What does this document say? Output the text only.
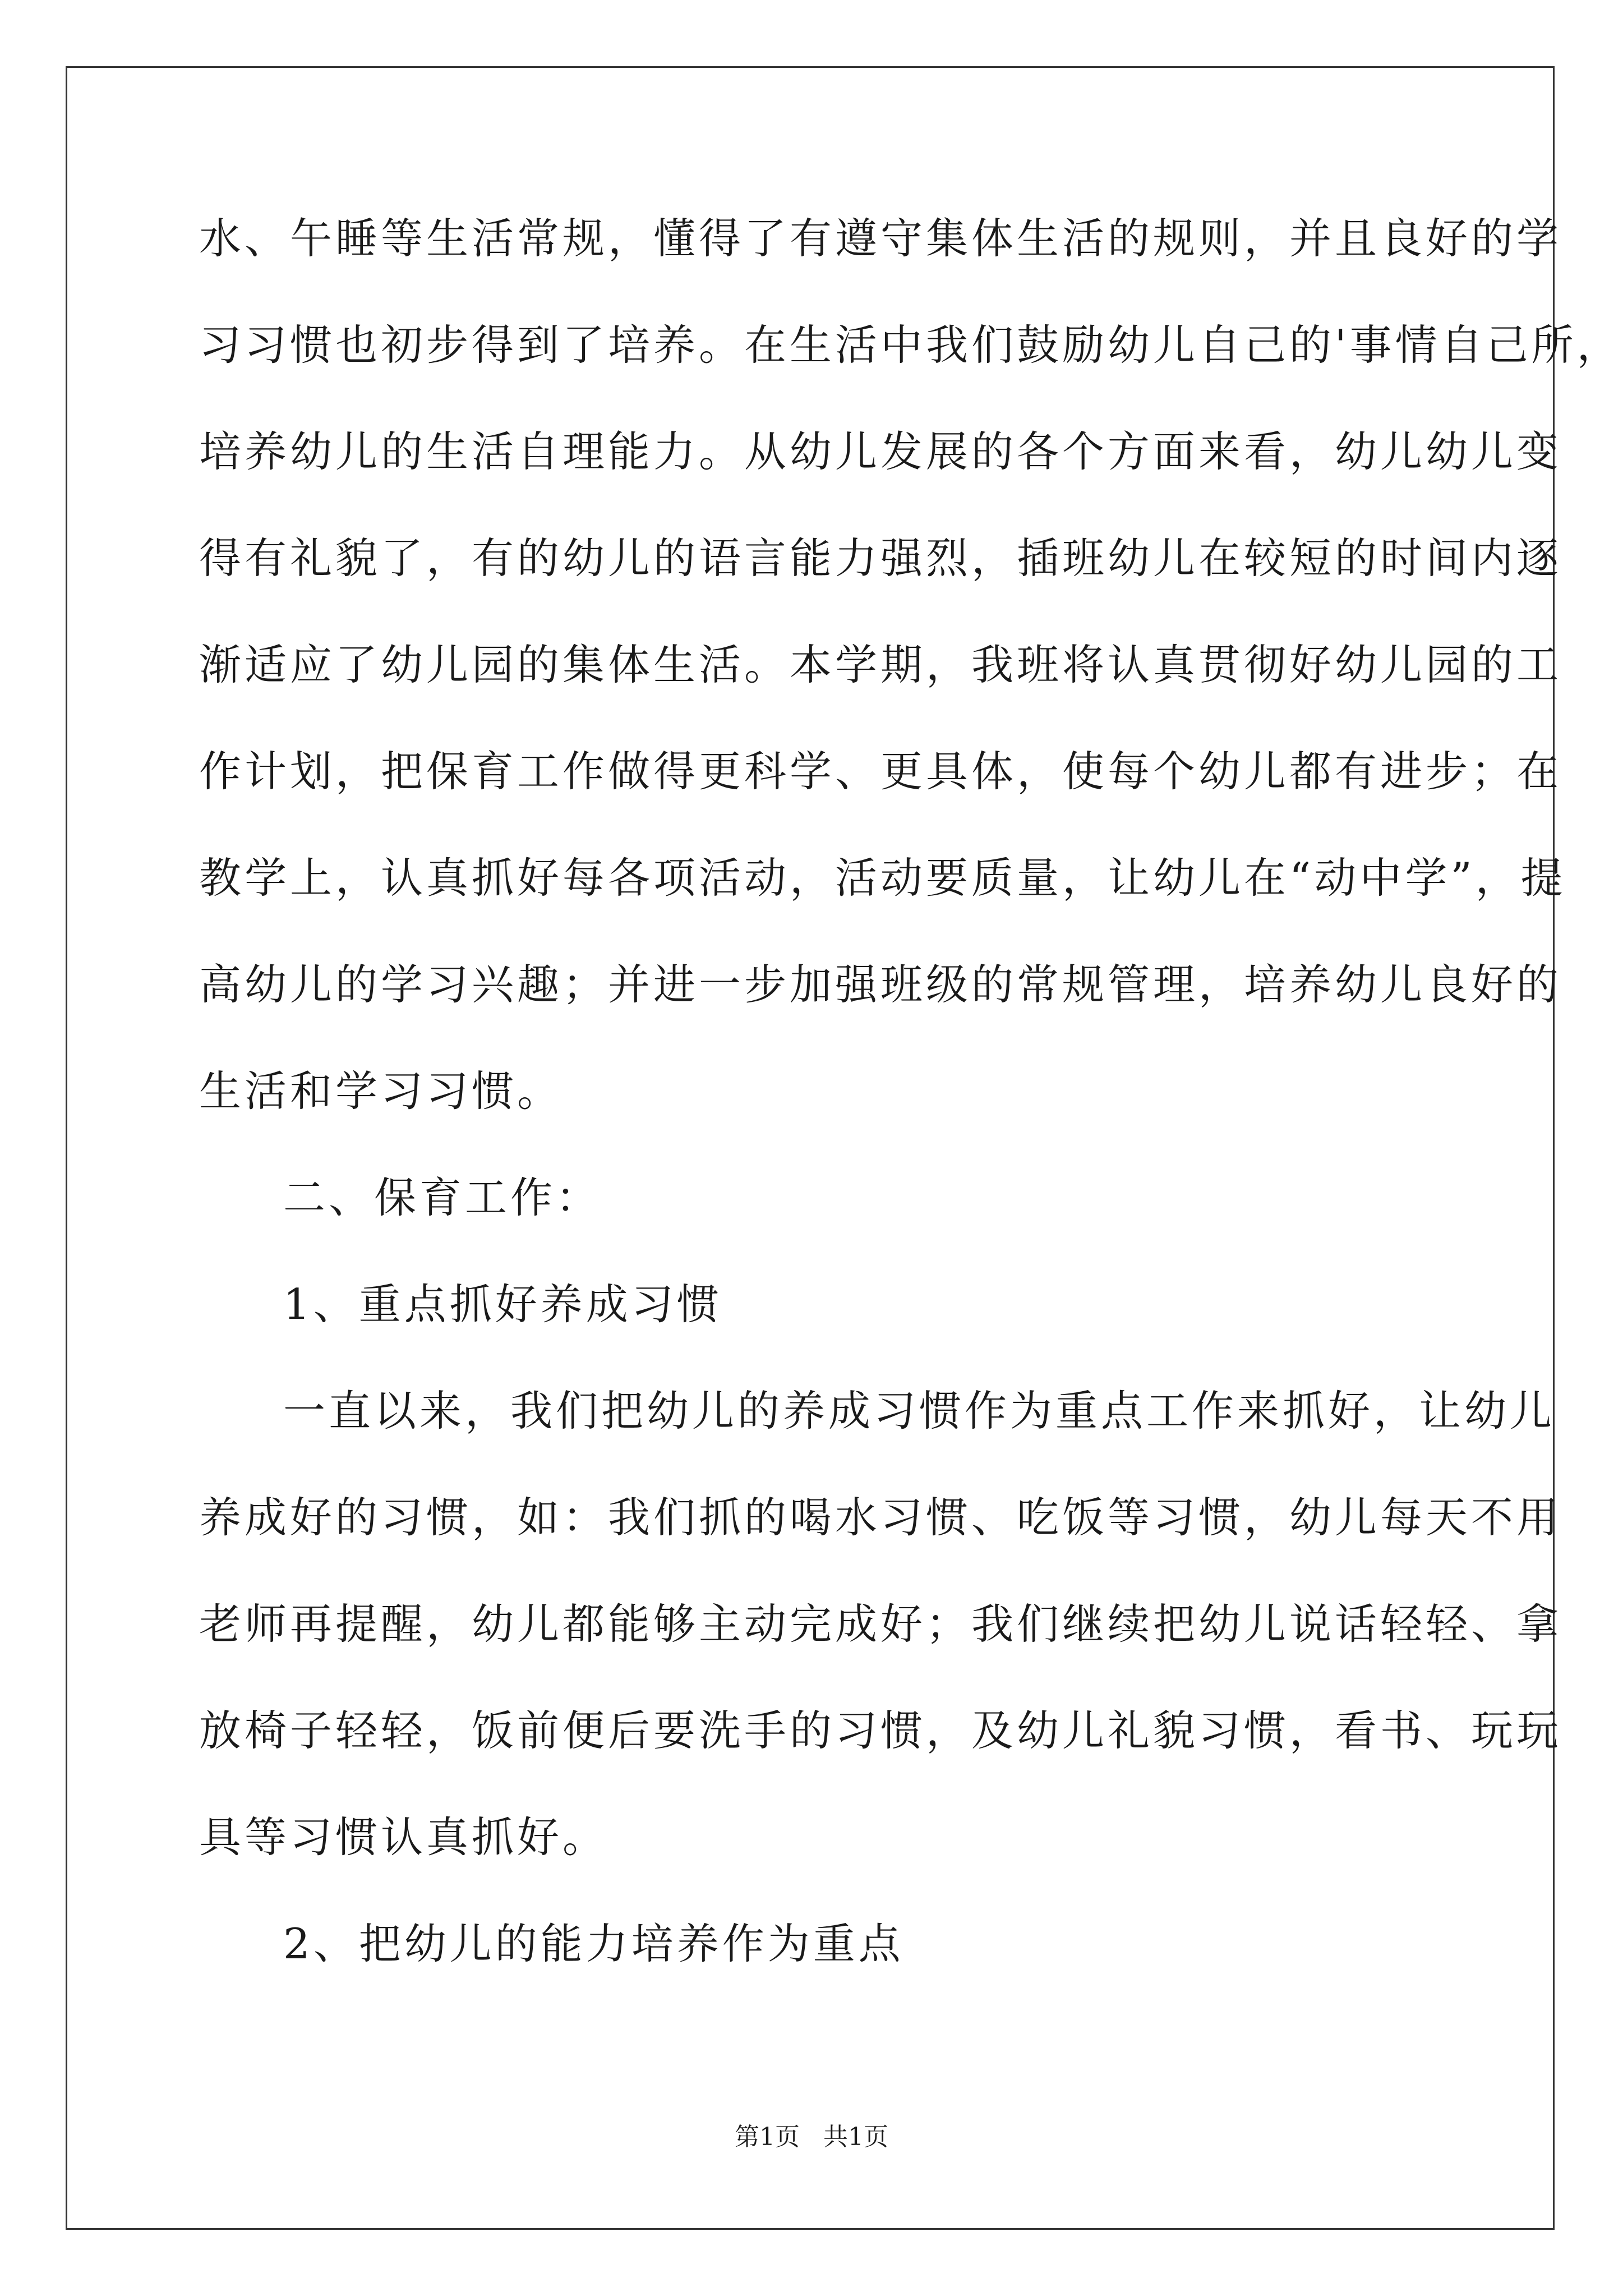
水、午睡等生活常规，懂得了有遵守集体生活的规则，并且良好的学
习习惯也初步得到了培养。在生活中我们鼓励幼儿自己的'事情自己所，
培养幼儿的生活自理能力。从幼儿发展的各个方面来看，幼儿幼儿变
得有礼貌了，有的幼儿的语言能力强烈，插班幼儿在较短的时间内逐
渐适应了幼儿园的集体生活。本学期，我班将认真贯彻好幼儿园的工
作计划，把保育工作做得更科学、更具体，使每个幼儿都有进步；在
教学上，认真抓好每各项活动，活动要质量，让幼儿在“动中学”，提
高幼儿的学习兴趣；并进一步加强班级的常规管理，培养幼儿良好的
生活和学习习惯。
二、保育工作：
1、重点抓好养成习惯
一直以来，我们把幼儿的养成习惯作为重点工作来抓好，让幼儿
养成好的习惯，如：我们抓的喝水习惯、吃饭等习惯，幼儿每天不用
老师再提醒，幼儿都能够主动完成好；我们继续把幼儿说话轻轻、拿
放椅子轻轻，饭前便后要洗手的习惯，及幼儿礼貌习惯，看书、玩玩
具等习惯认真抓好。
2、把幼儿的能力培养作为重点
第1页   共1页
